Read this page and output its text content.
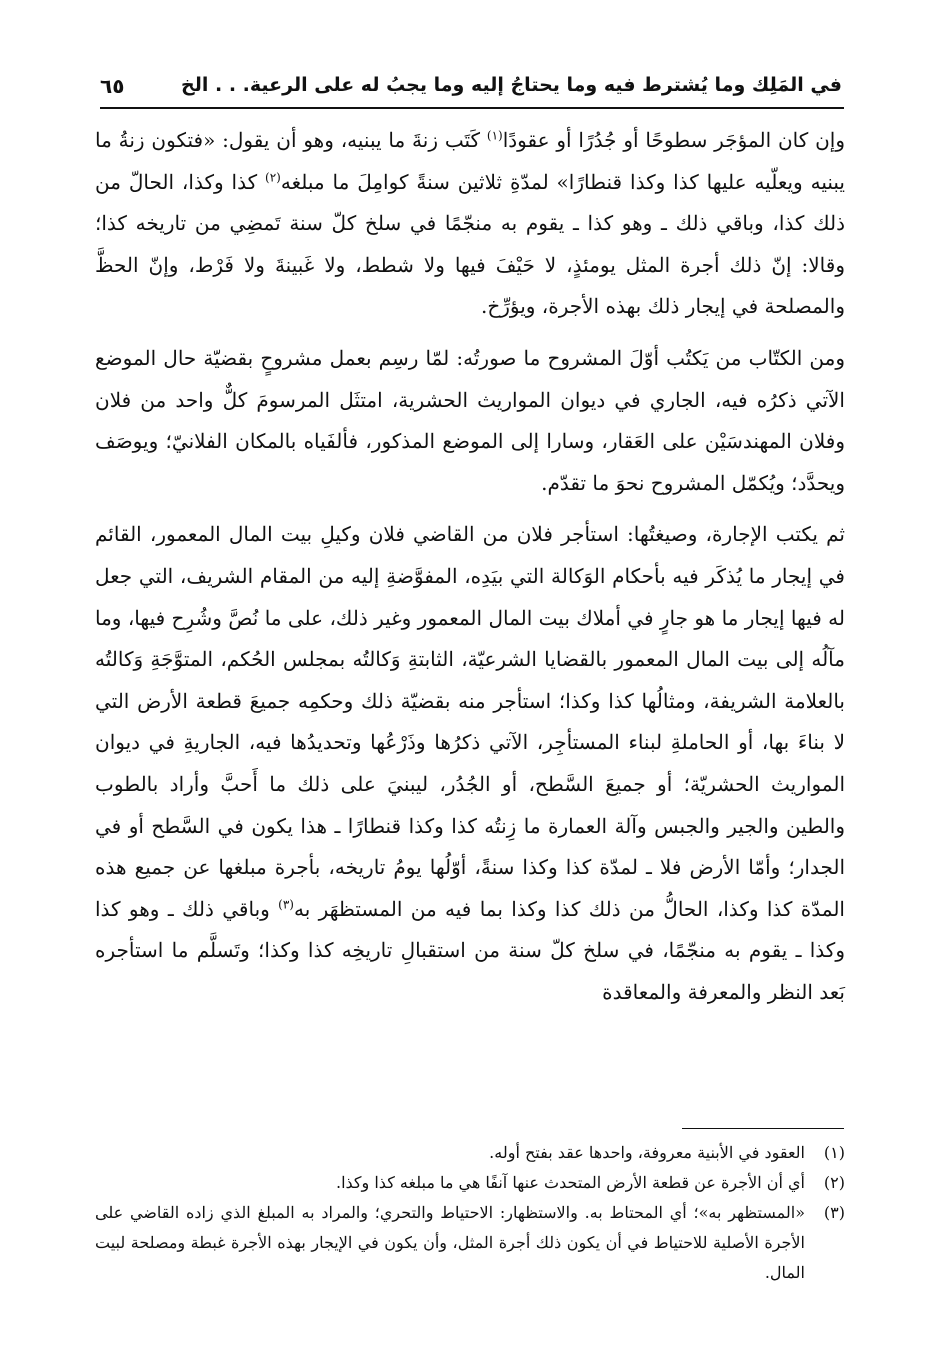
في المَلِك وما يُشترط فيه وما يحتاجُ إليه وما يجبُ له على الرعية. . . الخ
٦٥

وإن كان المؤجَر سطوحًا أو جُدُرًا أو عقودًا$^{(١)}$ كَتَب زنةَ ما يبنيه، وهو أن يقول: «فتكون زنةُ ما يبنيه ويعلّيه عليها كذا وكذا قنطارًا» لمدّةِ ثلاثين سنةً كوامِلَ ما مبلغه$^{(٢)}$ كذا وكذا، الحالّ من ذلك كذا، وباقي ذلك ـ وهو كذا ـ يقوم به منجّمًا في سلخ كلّ سنة تَمضِي من تاريخه كذا؛ وقالا: إنّ ذلك أجرة المثل يومئذٍ، لا حَيْفَ فيها ولا شطط، ولا غَبينةَ ولا فَرْط، وإنّ الحظَّ والمصلحة في إيجار ذلك بهذه الأجرة، ويؤرِّخ.

ومن الكتّاب من يَكتُب أوّلَ المشروح ما صورتُه: لمّا رسِم بعمل مشروحٍ بقضيّة حال الموضع الآتي ذكرُه فيه، الجاري في ديوان المواريث الحشرية، امتثَل المرسومَ كلٌّ واحد من فلان وفلان المهندسَيْن على العَقار، وسارا إلى الموضع المذكور، فألفَياه بالمكان الفلانيّ؛ ويوصَف ويحدَّد؛ ويُكمّل المشروح نحوَ ما تقدّم.

ثم يكتب الإجارة، وصيغتُها: استأجر فلان من القاضي فلان وكيلِ بيت المال المعمور، القائم في إيجار ما يُذكَر فيه بأحكام الوَكالة التي بيَدِه، المفوَّضةِ إليه من المقام الشريف، التي جعل له فيها إيجار ما هو جارٍ في أملاك بيت المال المعمور وغير ذلك، على ما نُصَّ وشُرِح فيها، وما مآلُه إلى بيت المال المعمور بالقضايا الشرعيّة، الثابتةِ وَكالتُه بمجلس الحُكم، المتوَّجَةِ وَكالتُه بالعلامة الشريفة، ومثالُها كذا وكذا؛ استأجر منه بقضيّة ذلك وحكمِه جميعَ قطعة الأرض التي لا بناءَ بها، أو الحاملةِ لبناء المستأجِر، الآتي ذكرُها وذَرْعُها وتحديدُها فيه، الجاريةِ في ديوان المواريث الحشريّة؛ أو جميعَ السَّطح، أو الجُدُر، ليبنيَ على ذلك ما أَحبَّ وأراد بالطوب والطين والجير والجبس وآلة العمارة ما زِنتُه كذا وكذا قنطارًا ـ هذا يكون في السَّطح أو في الجدار؛ وأمّا الأرض فلا ـ لمدّة كذا وكذا سنةً، أوّلُها يومُ تاريخه، بأجرة مبلغها عن جميع هذه المدّة كذا وكذا، الحالُّ من ذلك كذا وكذا بما فيه من المستظهَر به$^{(٣)}$ وباقي ذلك ـ وهو كذا وكذا ـ يقوم به منجّمًا، في سلخ كلّ سنة من استقبالِ تاريخِه كذا وكذا؛ وتَسلَّم ما استأجره بَعد النظر والمعرفة والمعاقدة

(١)
العقود في الأبنية معروفة، واحدها عقد بفتح أوله.
(٢)
أي أن الأجرة عن قطعة الأرض المتحدث عنها آنفًا هي ما مبلغه كذا وكذا.
(٣)
«المستظهر به»؛ أي المحتاط به. والاستظهار: الاحتياط والتحري؛ والمراد به المبلغ الذي زاده القاضي على الأجرة الأصلية للاحتياط في أن يكون ذلك أجرة المثل، وأن يكون في الإيجار بهذه الأجرة غبطة ومصلحة لبيت المال.
